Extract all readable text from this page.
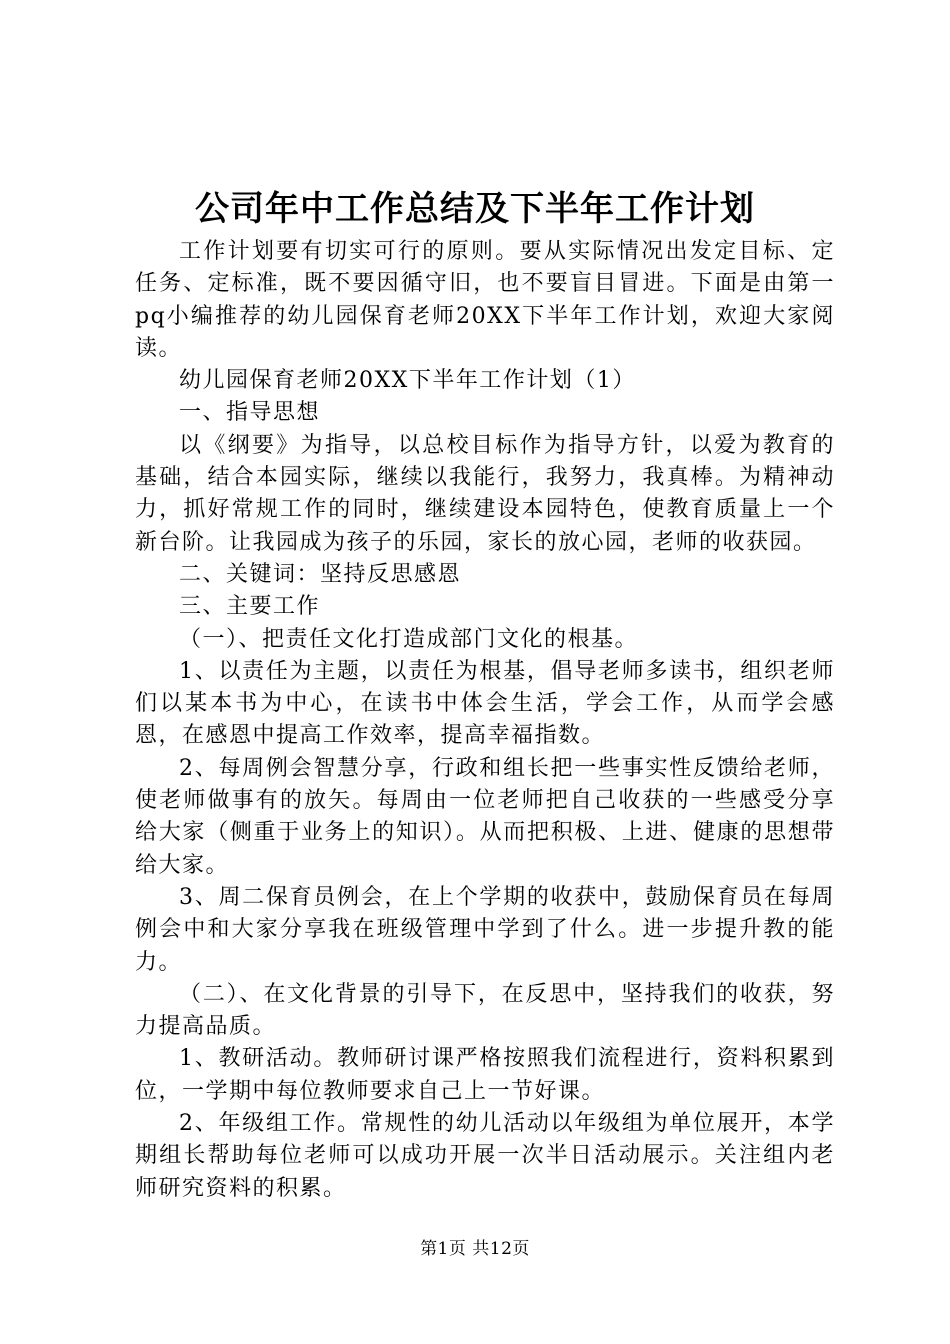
公司年中工作总结及下半年工作计划

工作计划要有切实可行的原则。要从实际情况出发定目标、定任务、定标准，既不要因循守旧，也不要盲目冒进。下面是由第一pq小编推荐的幼儿园保育老师20XX下半年工作计划，欢迎大家阅读。

幼儿园保育老师20XX下半年工作计划（1）

一、指导思想

以《纲要》为指导，以总校目标作为指导方针，以爱为教育的基础，结合本园实际，继续以我能行，我努力，我真棒。为精神动力，抓好常规工作的同时，继续建设本园特色，使教育质量上一个新台阶。让我园成为孩子的乐园，家长的放心园，老师的收获园。

二、关键词：坚持反思感恩

三、主要工作

（一）、把责任文化打造成部门文化的根基。

1、以责任为主题，以责任为根基，倡导老师多读书，组织老师们以某本书为中心，在读书中体会生活，学会工作，从而学会感恩，在感恩中提高工作效率，提高幸福指数。

2、每周例会智慧分享，行政和组长把一些事实性反馈给老师，使老师做事有的放矢。每周由一位老师把自己收获的一些感受分享给大家（侧重于业务上的知识）。从而把积极、上进、健康的思想带给大家。

3、周二保育员例会，在上个学期的收获中，鼓励保育员在每周例会中和大家分享我在班级管理中学到了什么。进一步提升教的能力。

（二）、在文化背景的引导下，在反思中，坚持我们的收获，努力提高品质。

1、教研活动。教师研讨课严格按照我们流程进行，资料积累到位，一学期中每位教师要求自己上一节好课。

2、年级组工作。常规性的幼儿活动以年级组为单位展开，本学期组长帮助每位老师可以成功开展一次半日活动展示。关注组内老师研究资料的积累。

第1页 共12页
